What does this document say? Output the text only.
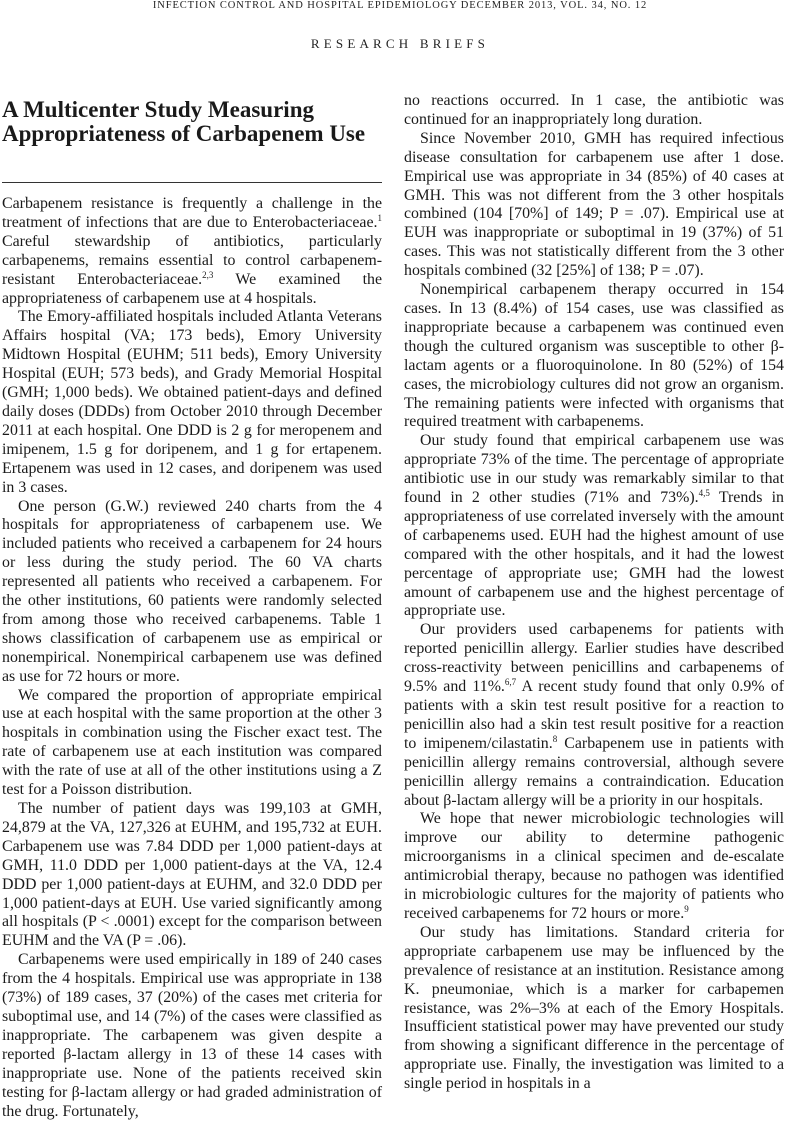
INFECTION CONTROL AND HOSPITAL EPIDEMIOLOGY DECEMBER 2013, VOL. 34, NO. 12
RESEARCH BRIEFS
A Multicenter Study Measuring
Appropriateness of Carbapenem Use

Carbapenem resistance is frequently a challenge in the treatment of infections that are due to Enterobacteriaceae.$^1$ Careful stewardship of antibiotics, particularly carbapenems, remains essential to control carbapenem-resistant Enterobacteriaceae.$^{2,3}$ We examined the appropriateness of carbapenem use at 4 hospitals.

The Emory-affiliated hospitals included Atlanta Veterans Affairs hospital (VA; 173 beds), Emory University Midtown Hospital (EUHM; 511 beds), Emory University Hospital (EUH; 573 beds), and Grady Memorial Hospital (GMH; 1,000 beds). We obtained patient-days and defined daily doses (DDDs) from October 2010 through December 2011 at each hospital. One DDD is 2 g for meropenem and imipenem, 1.5 g for doripenem, and 1 g for ertapenem. Ertapenem was used in 12 cases, and doripenem was used in 3 cases.

One person (G.W.) reviewed 240 charts from the 4 hospitals for appropriateness of carbapenem use. We included patients who received a carbapenem for 24 hours or less during the study period. The 60 VA charts represented all patients who received a carbapenem. For the other institutions, 60 patients were randomly selected from among those who received carbapenems. Table 1 shows classification of carbapenem use as empirical or nonempirical. Nonempirical carbapenem use was defined as use for 72 hours or more.

We compared the proportion of appropriate empirical use at each hospital with the same proportion at the other 3 hospitals in combination using the Fischer exact test. The rate of carbapenem use at each institution was compared with the rate of use at all of the other institutions using a Z test for a Poisson distribution.

The number of patient days was 199,103 at GMH, 24,879 at the VA, 127,326 at EUHM, and 195,732 at EUH. Carbapenem use was 7.84 DDD per 1,000 patient-days at GMH, 11.0 DDD per 1,000 patient-days at the VA, 12.4 DDD per 1,000 patient-days at EUHM, and 32.0 DDD per 1,000 patient-days at EUH. Use varied significantly among all hospitals (P < .0001) except for the comparison between EUHM and the VA (P = .06).

Carbapenems were used empirically in 189 of 240 cases from the 4 hospitals. Empirical use was appropriate in 138 (73%) of 189 cases, 37 (20%) of the cases met criteria for suboptimal use, and 14 (7%) of the cases were classified as inappropriate. The carbapenem was given despite a reported β-lactam allergy in 13 of these 14 cases with inappropriate use. None of the patients received skin testing for β-lactam allergy or had graded administration of the drug. Fortunately,

no reactions occurred. In 1 case, the antibiotic was continued for an inappropriately long duration.

Since November 2010, GMH has required infectious disease consultation for carbapenem use after 1 dose. Empirical use was appropriate in 34 (85%) of 40 cases at GMH. This was not different from the 3 other hospitals combined (104 [70%] of 149; P = .07). Empirical use at EUH was inappropriate or suboptimal in 19 (37%) of 51 cases. This was not statistically different from the 3 other hospitals combined (32 [25%] of 138; P = .07).

Nonempirical carbapenem therapy occurred in 154 cases. In 13 (8.4%) of 154 cases, use was classified as inappropriate because a carbapenem was continued even though the cultured organism was susceptible to other β-lactam agents or a fluoroquinolone. In 80 (52%) of 154 cases, the microbiology cultures did not grow an organism. The remaining patients were infected with organisms that required treatment with carbapenems.

Our study found that empirical carbapenem use was appropriate 73% of the time. The percentage of appropriate antibiotic use in our study was remarkably similar to that found in 2 other studies (71% and 73%).$^{4,5}$ Trends in appropriateness of use correlated inversely with the amount of carbapenems used. EUH had the highest amount of use compared with the other hospitals, and it had the lowest percentage of appropriate use; GMH had the lowest amount of carbapenem use and the highest percentage of appropriate use.

Our providers used carbapenems for patients with reported penicillin allergy. Earlier studies have described cross-reactivity between penicillins and carbapenems of 9.5% and 11%.$^{6,7}$ A recent study found that only 0.9% of patients with a skin test result positive for a reaction to penicillin also had a skin test result positive for a reaction to imipenem/cilastatin.$^8$ Carbapenem use in patients with penicillin allergy remains controversial, although severe penicillin allergy remains a contraindication. Education about β-lactam allergy will be a priority in our hospitals.

We hope that newer microbiologic technologies will improve our ability to determine pathogenic microorganisms in a clinical specimen and de-escalate antimicrobial therapy, because no pathogen was identified in microbiologic cultures for the majority of patients who received carbapenems for 72 hours or more.$^9$

Our study has limitations. Standard criteria for appropriate carbapenem use may be influenced by the prevalence of resistance at an institution. Resistance among K. pneumoniae, which is a marker for carbapemen resistance, was 2%–3% at each of the Emory Hospitals. Insufficient statistical power may have prevented our study from showing a significant difference in the percentage of appropriate use. Finally, the investigation was limited to a single period in hospitals in a
